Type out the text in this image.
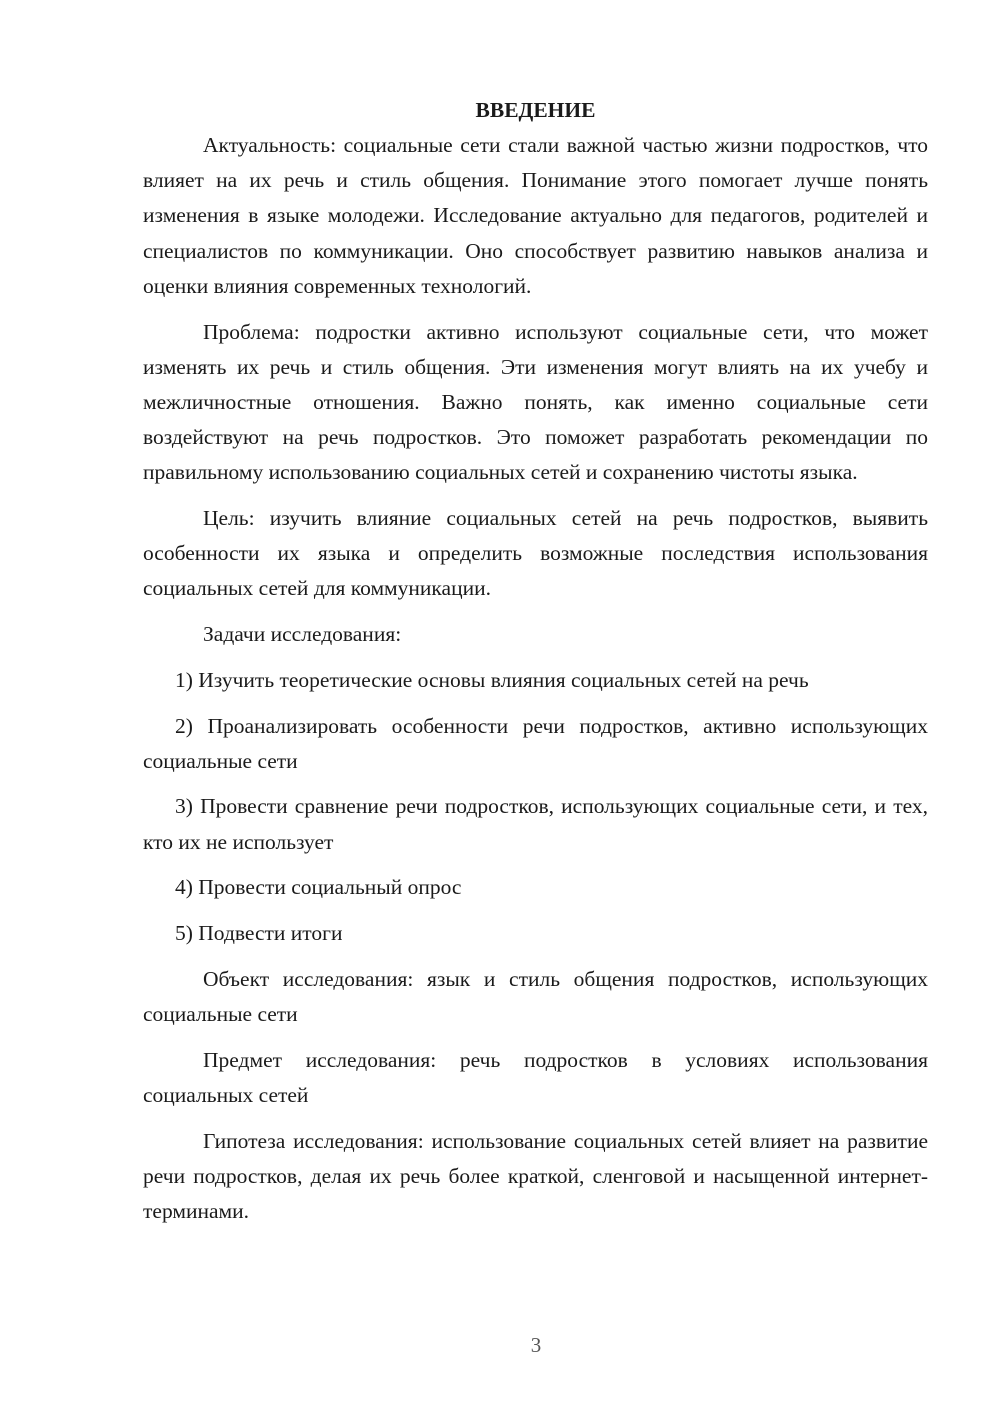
ВВЕДЕНИЕ

Актуальность: социальные сети стали важной частью жизни подростков, что влияет на их речь и стиль общения. Понимание этого помогает лучше понять изменения в языке молодежи. Исследование актуально для педагогов, родителей и специалистов по коммуникации. Оно способствует развитию навыков анализа и оценки влияния современных технологий.

Проблема: подростки активно используют социальные сети, что может изменять их речь и стиль общения. Эти изменения могут влиять на их учебу и межличностные отношения. Важно понять, как именно социальные сети воздействуют на речь подростков. Это поможет разработать рекомендации по правильному использованию социальных сетей и сохранению чистоты языка.

Цель: изучить влияние социальных сетей на речь подростков, выявить особенности их языка и определить возможные последствия использования социальных сетей для коммуникации.

Задачи исследования:

1) Изучить теоретические основы влияния социальных сетей на речь

2) Проанализировать особенности речи подростков, активно использующих социальные сети

3) Провести сравнение речи подростков, использующих социальные сети, и тех, кто их не использует

4) Провести социальный опрос

5) Подвести итоги

Объект исследования: язык и стиль общения подростков, использующих социальные сети

Предмет исследования: речь подростков в условиях использования социальных сетей

Гипотеза исследования: использование социальных сетей влияет на развитие речи подростков, делая их речь более краткой, сленговой и насыщенной интернет-терминами.

3
